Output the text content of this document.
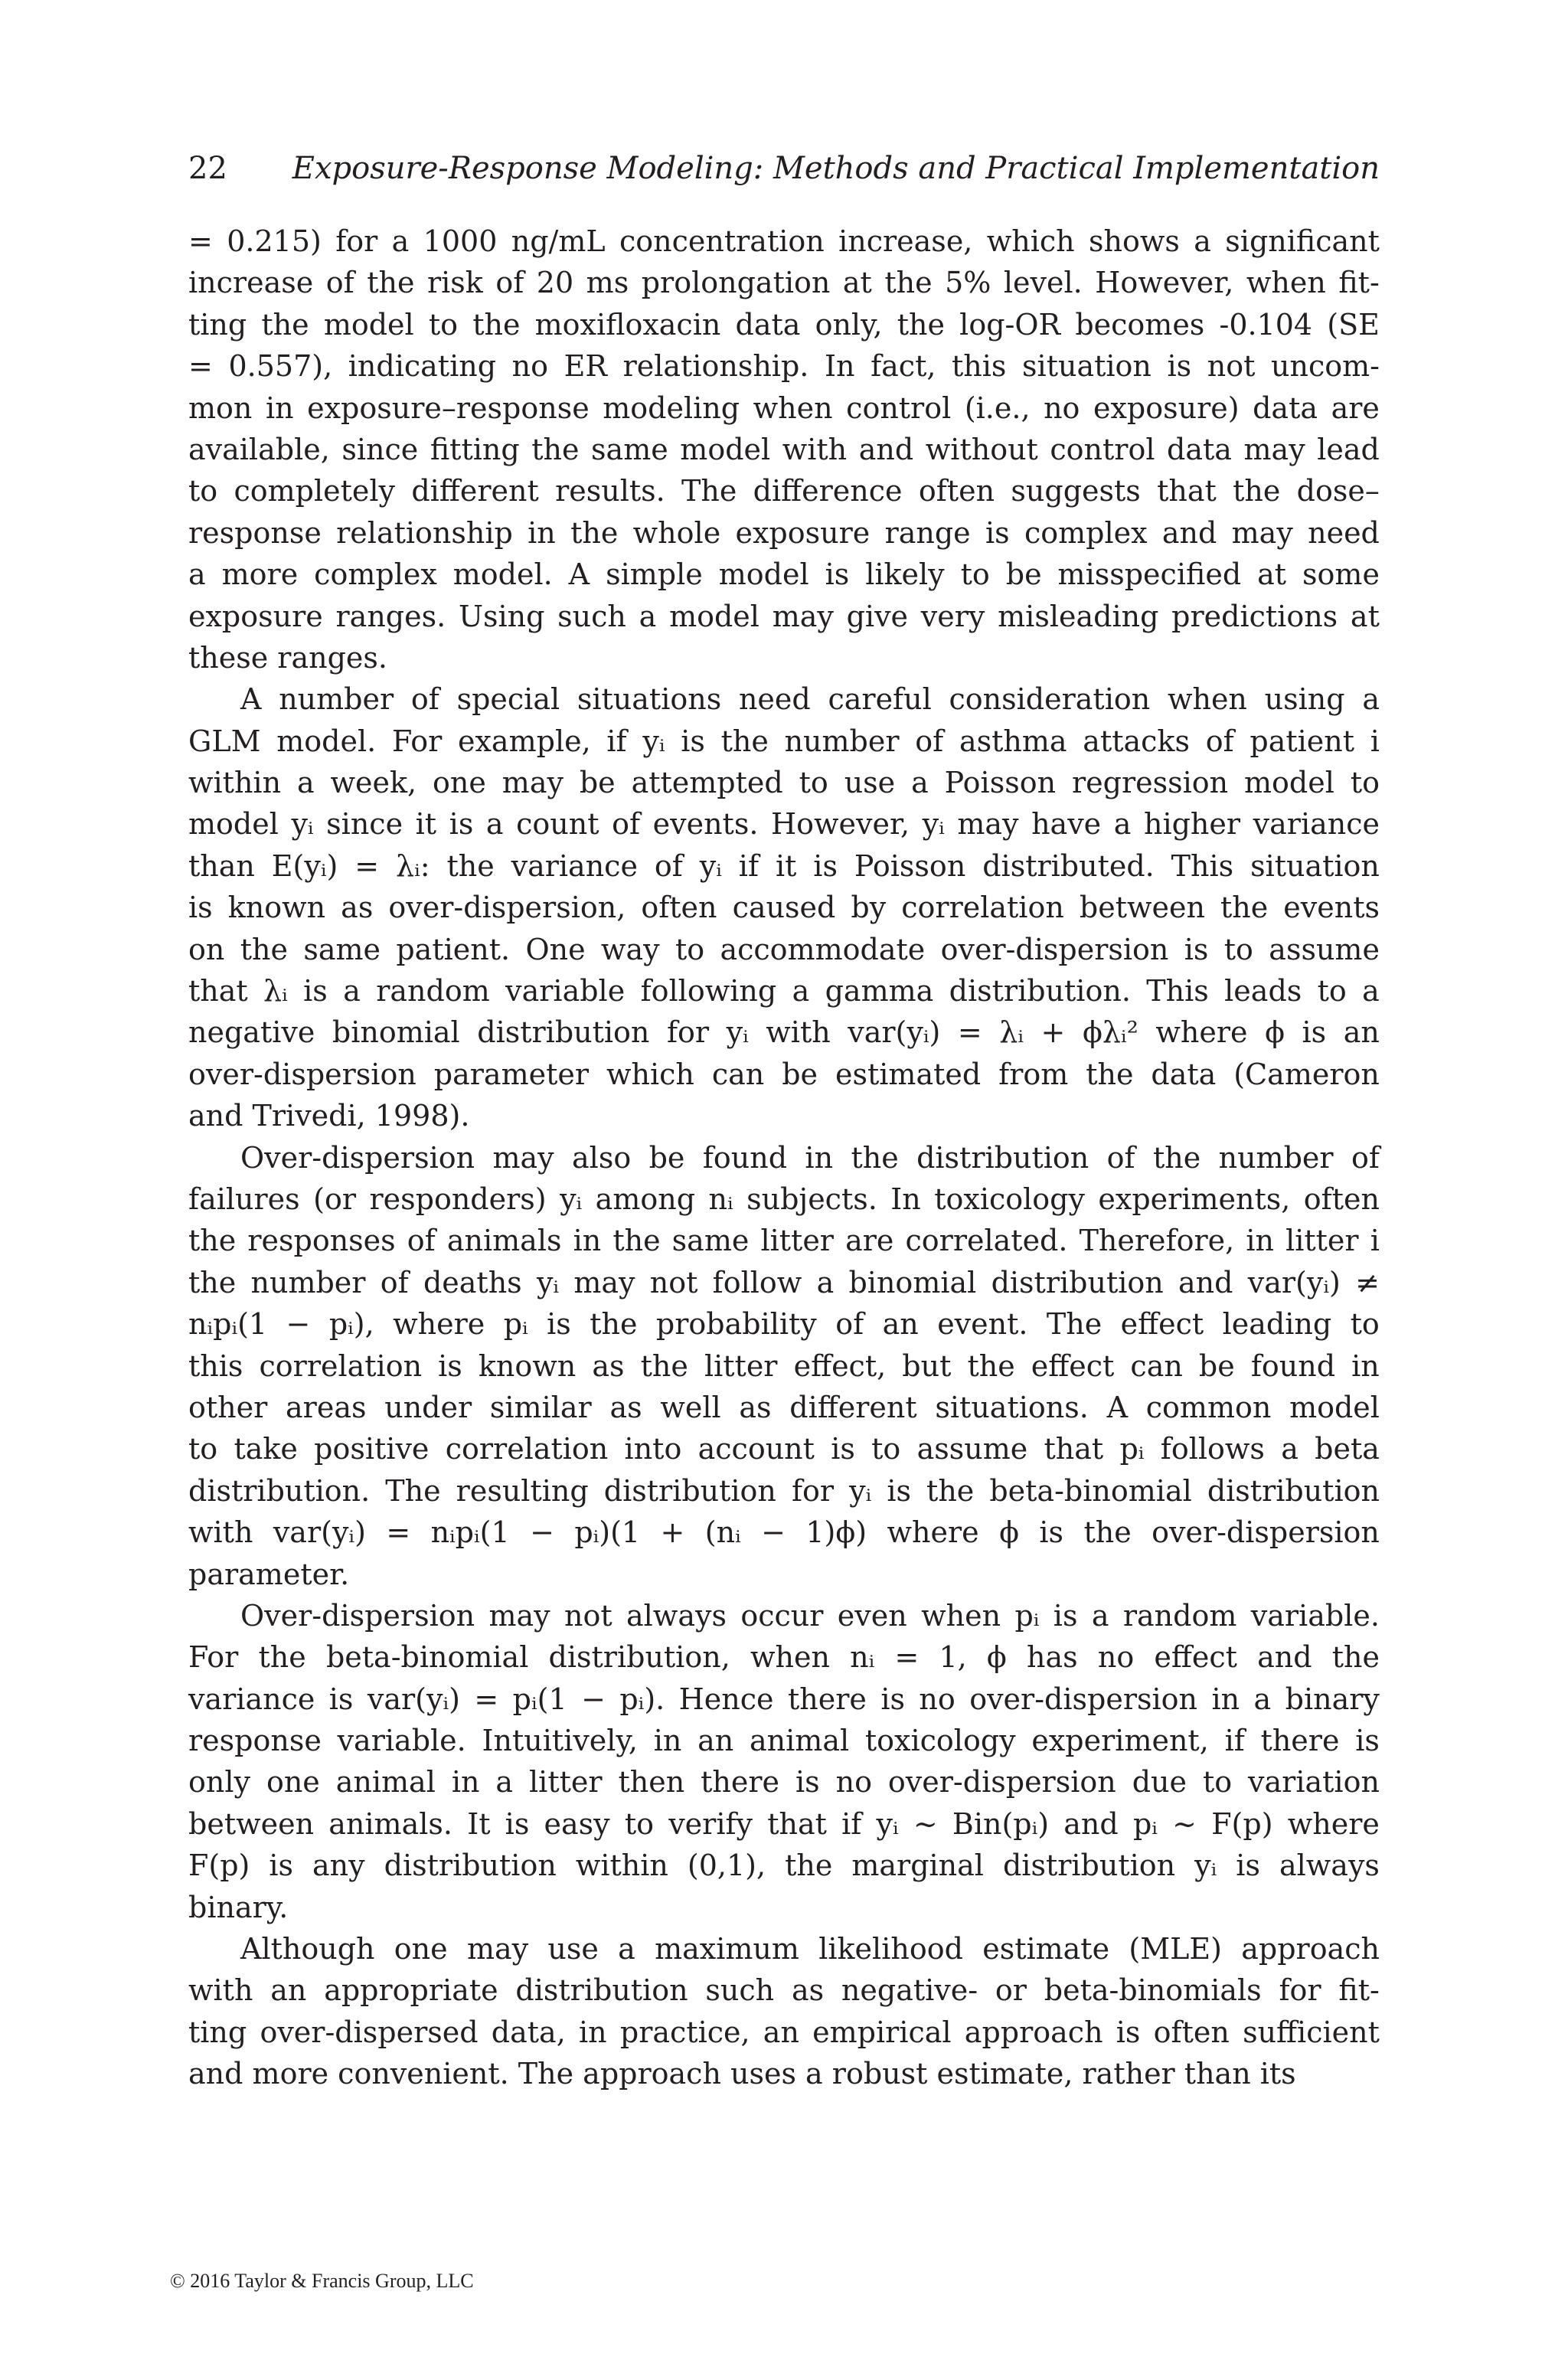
22 Exposure-Response Modeling: Methods and Practical Implementation
= 0.215) for a 1000 ng/mL concentration increase, which shows a significant
increase of the risk of 20 ms prolongation at the 5% level. However, when fit-
ting the model to the moxifloxacin data only, the log-OR becomes -0.104 (SE
= 0.557), indicating no ER relationship. In fact, this situation is not uncom-
mon in exposure–response modeling when control (i.e., no exposure) data are
available, since fitting the same model with and without control data may lead
to completely different results. The difference often suggests that the dose–
response relationship in the whole exposure range is complex and may need
a more complex model. A simple model is likely to be misspecified at some
exposure ranges. Using such a model may give very misleading predictions at
these ranges.
A number of special situations need careful consideration when using a
GLM model. For example, if yᵢ is the number of asthma attacks of patient i
within a week, one may be attempted to use a Poisson regression model to
model yᵢ since it is a count of events. However, yᵢ may have a higher variance
than E(yᵢ) = λᵢ: the variance of yᵢ if it is Poisson distributed. This situation
is known as over-dispersion, often caused by correlation between the events
on the same patient. One way to accommodate over-dispersion is to assume
that λᵢ is a random variable following a gamma distribution. This leads to a
negative binomial distribution for yᵢ with var(yᵢ) = λᵢ + ϕλᵢ² where ϕ is an
over-dispersion parameter which can be estimated from the data (Cameron
and Trivedi, 1998).
Over-dispersion may also be found in the distribution of the number of
failures (or responders) yᵢ among nᵢ subjects. In toxicology experiments, often
the responses of animals in the same litter are correlated. Therefore, in litter i
the number of deaths yᵢ may not follow a binomial distribution and var(yᵢ) ≠
nᵢpᵢ(1 − pᵢ), where pᵢ is the probability of an event. The effect leading to
this correlation is known as the litter effect, but the effect can be found in
other areas under similar as well as different situations. A common model
to take positive correlation into account is to assume that pᵢ follows a beta
distribution. The resulting distribution for yᵢ is the beta-binomial distribution
with var(yᵢ) = nᵢpᵢ(1 − pᵢ)(1 + (nᵢ − 1)ϕ) where ϕ is the over-dispersion
parameter.
Over-dispersion may not always occur even when pᵢ is a random variable.
For the beta-binomial distribution, when nᵢ = 1, ϕ has no effect and the
variance is var(yᵢ) = pᵢ(1 − pᵢ). Hence there is no over-dispersion in a binary
response variable. Intuitively, in an animal toxicology experiment, if there is
only one animal in a litter then there is no over-dispersion due to variation
between animals. It is easy to verify that if yᵢ ∼ Bin(pᵢ) and pᵢ ∼ F(p) where
F(p) is any distribution within (0,1), the marginal distribution yᵢ is always
binary.
Although one may use a maximum likelihood estimate (MLE) approach
with an appropriate distribution such as negative- or beta-binomials for fit-
ting over-dispersed data, in practice, an empirical approach is often sufficient
and more convenient. The approach uses a robust estimate, rather than its
© 2016 Taylor & Francis Group, LLC
